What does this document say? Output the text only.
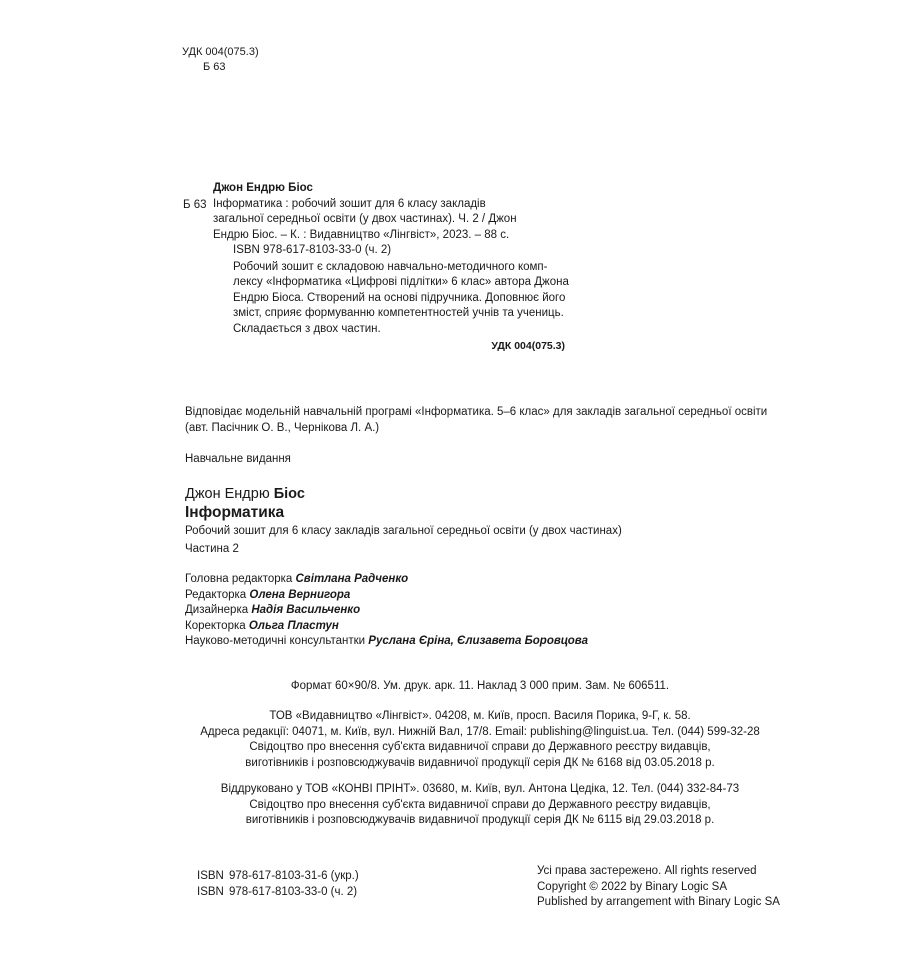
УДК 004(075.3)
Б 63
Б 63
Джон Ендрю Біос
Інформатика : робочий зошит для 6 класу закладів
загальної середньої освіти (у двох частинах). Ч. 2 / Джон
Ендрю Біос. – К. : Видавництво «Лінгвіст», 2023. – 88 с.
ISBN 978-617-8103-33-0 (ч. 2)
Робочий зошит є складовою навчально-методичного комп-
лексу «Інформатика «Цифрові підлітки» 6 клас» автора Джона
Ендрю Біоса. Створений на основі підручника. Доповнює його
зміст, сприяє формуванню компетентностей учнів та учениць.
Складається з двох частин.
УДК 004(075.3)
Відповідає модельній навчальній програмі «Інформатика. 5–6 клас» для закладів загальної середньої освіти
(авт. Пасічник О. В., Чернікова Л. А.)
Навчальне видання
Джон Ендрю Біос
Інформатика
Робочий зошит для 6 класу закладів загальної середньої освіти (у двох частинах)
Частина 2
Головна редакторка Світлана Радченко
Редакторка Олена Вернигора
Дизайнерка Надія Васильченко
Коректорка Ольга Пластун
Науково-методичні консультантки Руслана Єріна, Єлизавета Боровцова
Формат 60×90/8. Ум. друк. арк. 11. Наклад 3 000 прим. Зам. № 606511.
ТОВ «Видавництво «Лінгвіст». 04208, м. Київ, просп. Василя Порика, 9-Г, к. 58.
Адреса редакції: 04071, м. Київ, вул. Нижній Вал, 17/8. Email: publishing@linguist.ua. Тел. (044) 599-32-28
Свідоцтво про внесення суб'єкта видавничої справи до Державного реєстру видавців,
виготівників і розповсюджувачів видавничої продукції серія ДК № 6168 від 03.05.2018 р.
Віддруковано у ТОВ «КОНВІ ПРІНТ». 03680, м. Київ, вул. Антона Цедіка, 12. Тел. (044) 332-84-73
Свідоцтво про внесення суб'єкта видавничої справи до Державного реєстру видавців,
виготівників і розповсюджувачів видавничої продукції серія ДК № 6115 від 29.03.2018 р.
ISBN 978-617-8103-31-6 (укр.)
ISBN 978-617-8103-33-0 (ч. 2)
Усі права застережено. All rights reserved
Copyright © 2022 by Binary Logic SA
Published by arrangement with Binary Logic SA
